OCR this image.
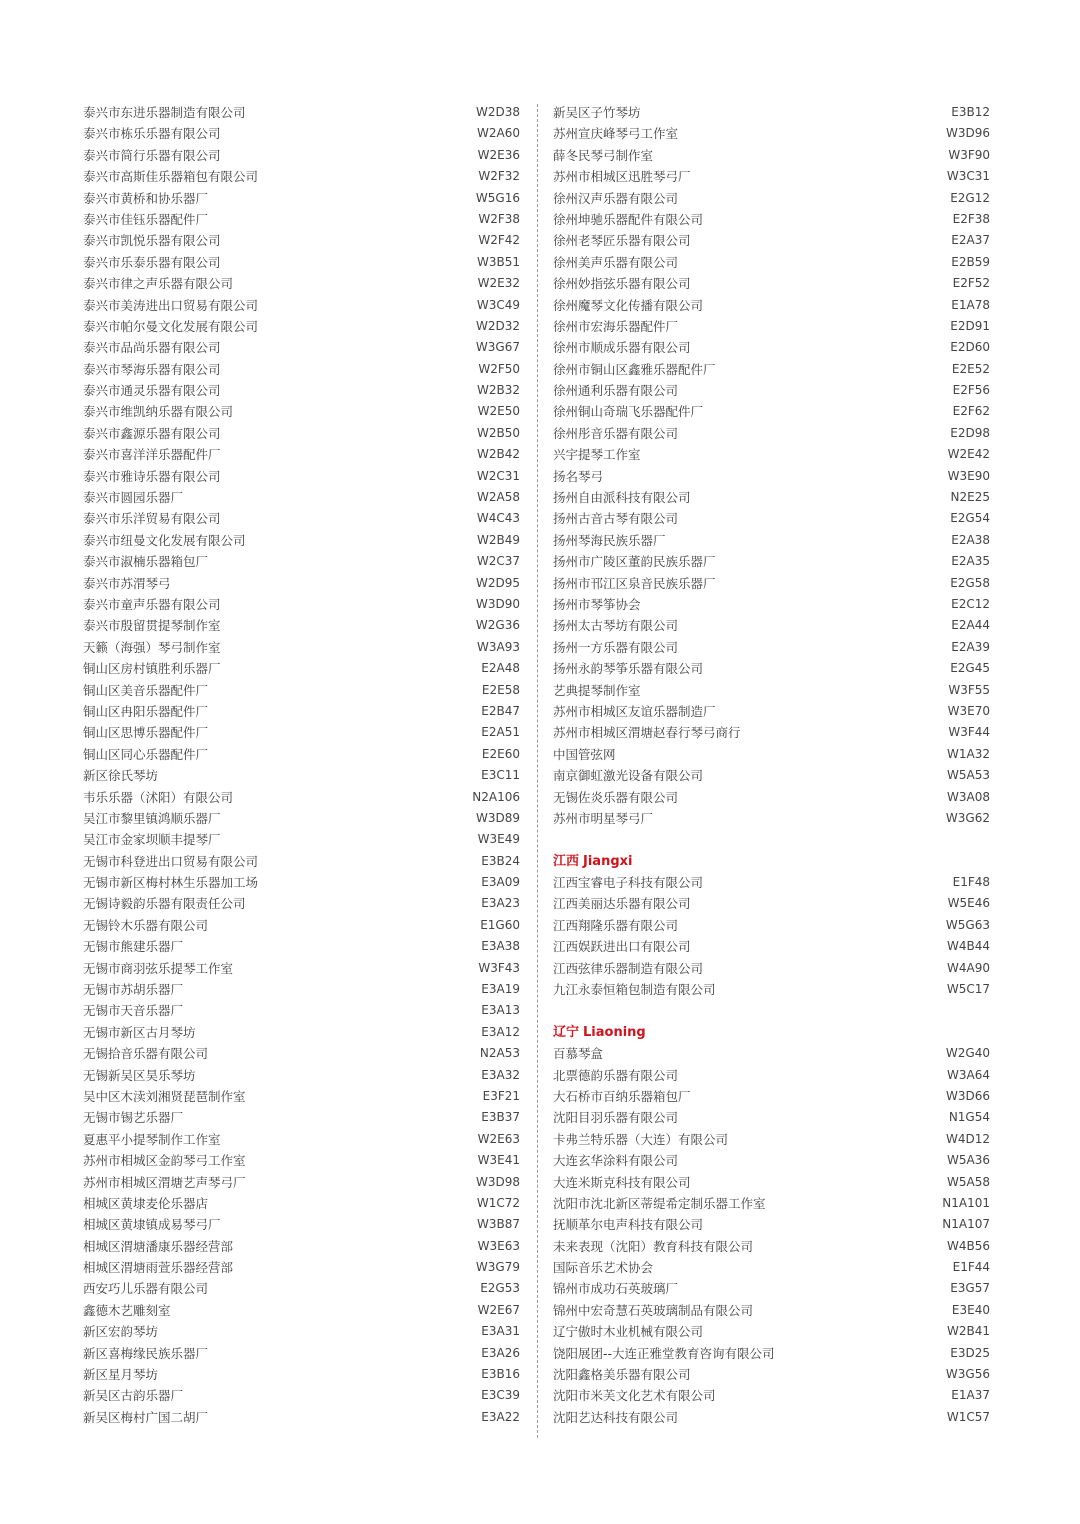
泰兴市东进乐器制造有限公司	W2D38
泰兴市栋乐乐器有限公司	W2A60
泰兴市简行乐器有限公司	W2E36
泰兴市高斯佳乐器箱包有限公司	W2F32
泰兴市黄桥和协乐器厂	W5G16
泰兴市佳钰乐器配件厂	W2F38
泰兴市凯悦乐器有限公司	W2F42
泰兴市乐泰乐器有限公司	W3B51
泰兴市律之声乐器有限公司	W2E32
泰兴市美涛进出口贸易有限公司	W3C49
泰兴市帕尔曼文化发展有限公司	W2D32
泰兴市品尚乐器有限公司	W3G67
泰兴市琴海乐器有限公司	W2F50
泰兴市通灵乐器有限公司	W2B32
泰兴市维凯纳乐器有限公司	W2E50
泰兴市鑫源乐器有限公司	W2B50
泰兴市喜洋洋乐器配件厂	W2B42
泰兴市雅诗乐器有限公司	W2C31
泰兴市圆园乐器厂	W2A58
泰兴市乐洋贸易有限公司	W4C43
泰兴市纽曼文化发展有限公司	W2B49
泰兴市淑楠乐器箱包厂	W2C37
泰兴市苏渭琴弓	W2D95
泰兴市童声乐器有限公司	W3D90
泰兴市殷留贯提琴制作室	W2G36
天籁（海强）琴弓制作室	W3A93
铜山区房村镇胜利乐器厂	E2A48
铜山区美音乐器配件厂	E2E58
铜山区冉阳乐器配件厂	E2B47
铜山区思博乐器配件厂	E2A51
铜山区同心乐器配件厂	E2E60
新区徐氏琴坊	E3C11
韦乐乐器（沭阳）有限公司	N2A106
吴江市黎里镇鸿顺乐器厂	W3D89
吴江市金家坝顺丰提琴厂	W3E49
无锡市科登进出口贸易有限公司	E3B24
无锡市新区梅村林生乐器加工场	E3A09
无锡诗毅韵乐器有限责任公司	E3A23
无锡铃木乐器有限公司	E1G60
无锡市熊建乐器厂	E3A38
无锡市商羽弦乐提琴工作室	W3F43
无锡市苏胡乐器厂	E3A19
无锡市天音乐器厂	E3A13
无锡市新区古月琴坊	E3A12
无锡拾音乐器有限公司	N2A53
无锡新吴区昊乐琴坊	E3A32
吴中区木渎刘湘贤琵琶制作室	E3F21
无锡市锡艺乐器厂	E3B37
夏惠平小提琴制作工作室	W2E63
苏州市相城区金韵琴弓工作室	W3E41
苏州市相城区渭塘艺声琴弓厂	W3D98
相城区黄埭麦伦乐器店	W1C72
相城区黄埭镇成易琴弓厂	W3B87
相城区渭塘潘康乐器经营部	W3E63
相城区渭塘雨萱乐器经营部	W3G79
西安巧儿乐器有限公司	E2G53
鑫德木艺雕刻室	W2E67
新区宏韵琴坊	E3A31
新区喜梅缘民族乐器厂	E3A26
新区星月琴坊	E3B16
新吴区古韵乐器厂	E3C39
新吴区梅村广国二胡厂	E3A22
新吴区子竹琴坊	E3B12
苏州宣庆峰琴弓工作室	W3D96
薛冬民琴弓制作室	W3F90
苏州市相城区迅胜琴弓厂	W3C31
徐州汉声乐器有限公司	E2G12
徐州坤驰乐器配件有限公司	E2F38
徐州老琴匠乐器有限公司	E2A37
徐州美声乐器有限公司	E2B59
徐州妙指弦乐器有限公司	E2F52
徐州魔琴文化传播有限公司	E1A78
徐州市宏海乐器配件厂	E2D91
徐州市顺成乐器有限公司	E2D60
徐州市铜山区鑫雅乐器配件厂	E2E52
徐州通利乐器有限公司	E2F56
徐州铜山奇瑞飞乐器配件厂	E2F62
徐州彤音乐器有限公司	E2D98
兴宇提琴工作室	W2E42
扬名琴弓	W3E90
扬州自由派科技有限公司	N2E25
扬州古音古琴有限公司	E2G54
扬州琴海民族乐器厂	E2A38
扬州市广陵区董韵民族乐器厂	E2A35
扬州市邗江区泉音民族乐器厂	E2G58
扬州市琴筝协会	E2C12
扬州太古琴坊有限公司	E2A44
扬州一方乐器有限公司	E2A39
扬州永韵琴筝乐器有限公司	E2G45
艺典提琴制作室	W3F55
苏州市相城区友谊乐器制造厂	W3E70
苏州市相城区渭塘赵春行琴弓商行	W3F44
中国管弦网	W1A32
南京御虹激光设备有限公司	W5A53
无锡佐炎乐器有限公司	W3A08
苏州市明星琴弓厂	W3G62
江西 Jiangxi
江西宝睿电子科技有限公司	E1F48
江西美丽达乐器有限公司	W5E46
江西翔隆乐器有限公司	W5G63
江西娱跃进出口有限公司	W4B44
江西弦律乐器制造有限公司	W4A90
九江永泰恒箱包制造有限公司	W5C17
辽宁 Liaoning
百慕琴盒	W2G40
北票德韵乐器有限公司	W3A64
大石桥市百纳乐器箱包厂	W3D66
沈阳目羽乐器有限公司	N1G54
卡弗兰特乐器（大连）有限公司	W4D12
大连玄华涂料有限公司	W5A36
大连米斯克科技有限公司	W5A58
沈阳市沈北新区蒂缇希定制乐器工作室	N1A101
抚顺革尔电声科技有限公司	N1A107
未来表现（沈阳）教育科技有限公司	W4B56
国际音乐艺术协会	E1F44
锦州市成功石英玻璃厂	E3G57
锦州中宏奇慧石英玻璃制品有限公司	E3E40
辽宁傲时木业机械有限公司	W2B41
饶阳展团--大连正雅堂教育咨询有限公司	E3D25
沈阳鑫格美乐器有限公司	W3G56
沈阳市米芙文化艺术有限公司	E1A37
沈阳艺达科技有限公司	W1C57
